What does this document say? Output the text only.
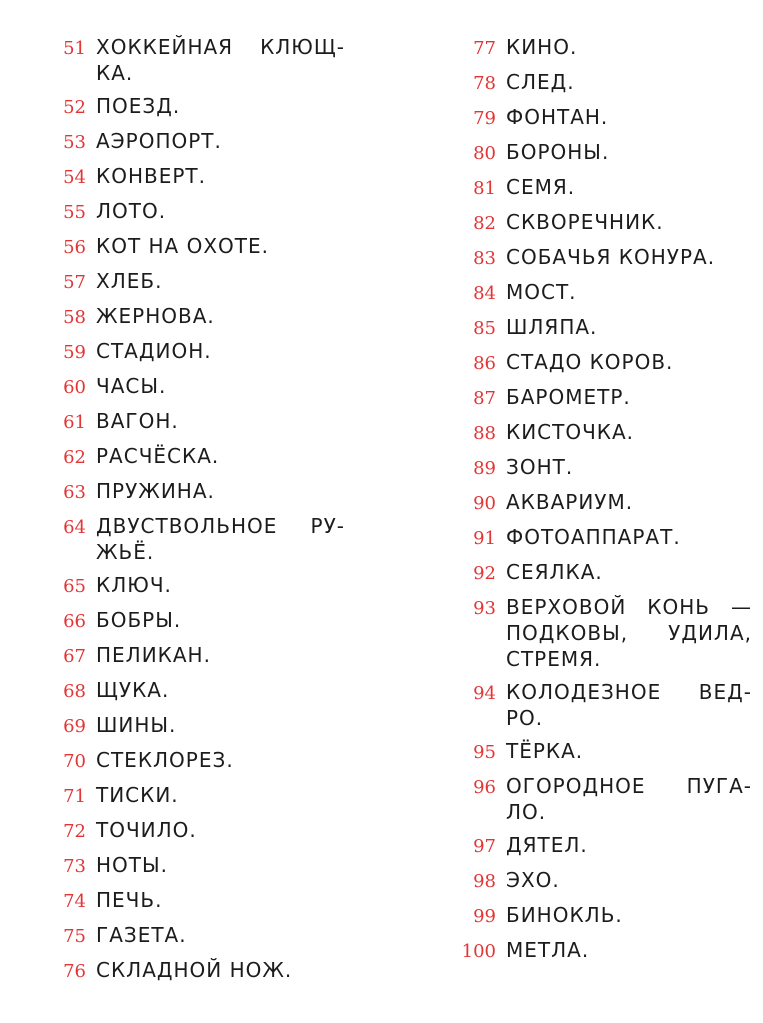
51 ХОККЕЙНАЯ КЛЮЩ-КА.
52 ПОЕЗД.
53 АЭРОПОРТ.
54 КОНВЕРТ.
55 ЛОТО.
56 КОТ НА ОХОТЕ.
57 ХЛЕБ.
58 ЖЕРНОВА.
59 СТАДИОН.
60 ЧАСЫ.
61 ВАГОН.
62 РАСЧЁСКА.
63 ПРУЖИНА.
64 ДВУСТВОЛЬНОЕ РУ-ЖЬЁ.
65 КЛЮЧ.
66 БОБРЫ.
67 ПЕЛИКАН.
68 ЩУКА.
69 ШИНЫ.
70 СТЕКЛОРЕЗ.
71 ТИСКИ.
72 ТОЧИЛО.
73 НОТЫ.
74 ПЕЧЬ.
75 ГАЗЕТА.
76 СКЛАДНОЙ НОЖ.
77 КИНО.
78 СЛЕД.
79 ФОНТАН.
80 БОРОНЫ.
81 СЕМЯ.
82 СКВОРЕЧНИК.
83 СОБАЧЬЯ КОНУРА.
84 МОСТ.
85 ШЛЯПА.
86 СТАДО КОРОВ.
87 БАРОМЕТР.
88 КИСТОЧКА.
89 ЗОНТ.
90 АКВАРИУМ.
91 ФОТОАППАРАТ.
92 СЕЯЛКА.
93 ВЕРХОВОЙ КОНЬ — ПОДКОВЫ, УДИЛА, СТРЕМЯ.
94 КОЛОДЕЗНОЕ ВЕД-РО.
95 ТЁРКА.
96 ОГОРОДНОЕ ПУГА-ЛО.
97 ДЯТЕЛ.
98 ЭХО.
99 БИНОКЛЬ.
100 МЕТЛА.
